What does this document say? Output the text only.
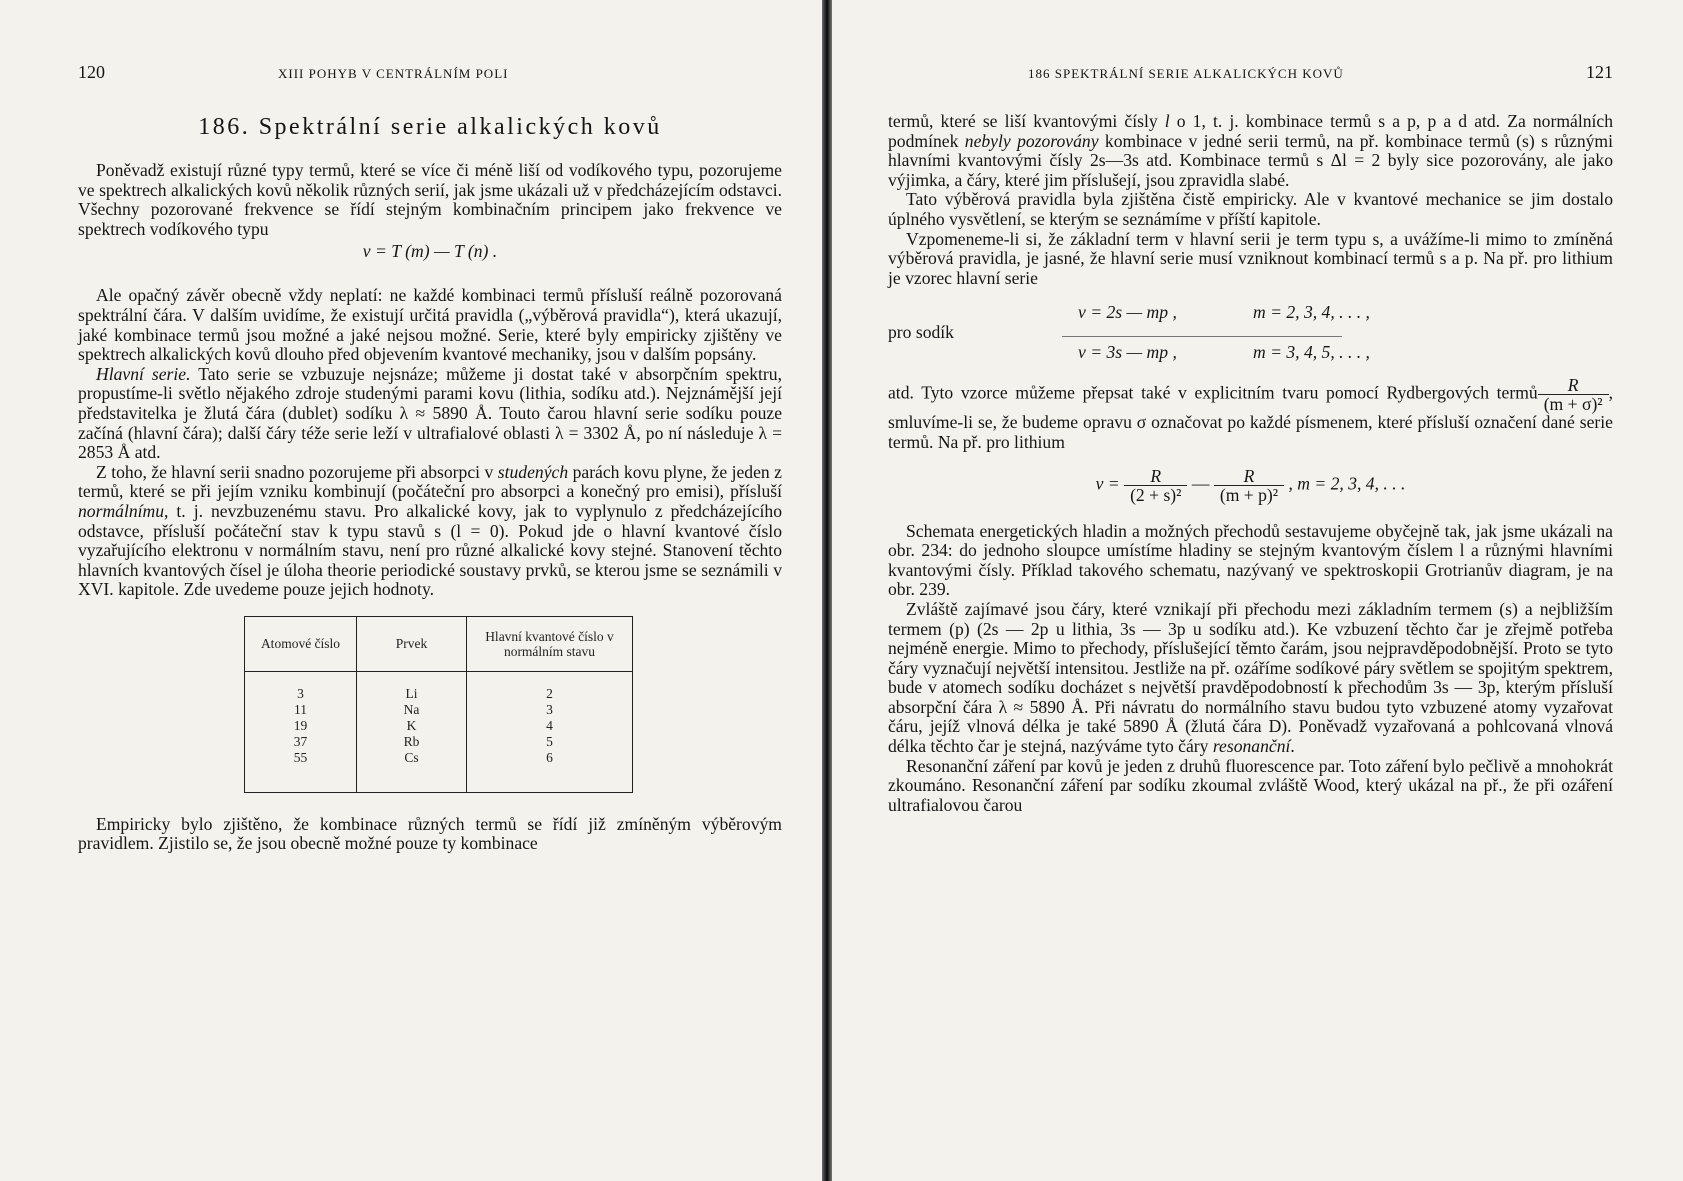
120	XIII POHYB V CENTRÁLNÍM POLI
186. Spektrální serie alkalických kovů

Poněvadž existují různé typy termů, které se více či méně liší od vodíkového typu, pozorujeme ve spektrech alkalických kovů několik různých serií, jak jsme ukázali už v předcházejícím odstavci. Všechny pozorované frekvence se řídí stejným kombinačním principem jako frekvence ve spektrech vodíkového typu

ν = T (m) — T (n) .

Ale opačný závěr obecně vždy neplatí: ne každé kombinaci termů přísluší reálně pozorovaná spektrální čára. V dalším uvidíme, že existují určitá pravidla („výběrová pravidla“), která ukazují, jaké kombinace termů jsou možné a jaké nejsou možné. Serie, které byly empiricky zjištěny ve spektrech alkalických kovů dlouho před objevením kvantové mechaniky, jsou v dalším popsány.

Hlavní serie. Tato serie se vzbuzuje nejsnáze; můžeme ji dostat také v absorpčním spektru, propustíme-li světlo nějakého zdroje studenými parami kovu (lithia, sodíku atd.). Nejznámější její představitelka je žlutá čára (dublet) sodíku λ ≈ 5890 Å. Touto čarou hlavní serie sodíku pouze začíná (hlavní čára); další čáry téže serie leží v ultrafialové oblasti λ = 3302 Å, po ní následuje λ = 2853 Å atd.

Z toho, že hlavní serii snadno pozorujeme při absorpci v studených parách kovu plyne, že jeden z termů, které se při jejím vzniku kombinují (počáteční pro absorpci a konečný pro emisi), přísluší normálnímu, t. j. nevzbuzenému stavu. Pro alkalické kovy, jak to vyplynulo z předcházejícího odstavce, přísluší počáteční stav k typu stavů s (l = 0). Pokud jde o hlavní kvantové číslo vyzařujícího elektronu v normálním stavu, není pro různé alkalické kovy stejné. Stanovení těchto hlavních kvantových čísel je úloha theorie periodické soustavy prvků, se kterou jsme se seznámili v XVI. kapitole. Zde uvedeme pouze jejich hodnoty.

Atomové číslo	Prvek	Hlavní kvantové číslo v normálním stavu
3	Li	2
11	Na	3
19	K	4
37	Rb	5
55	Cs	6

Empiricky bylo zjištěno, že kombinace různých termů se řídí již zmíněným výběrovým pravidlem. Zjistilo se, že jsou obecně možné pouze ty kombinace

186 SPEKTRÁLNÍ SERIE ALKALICKÝCH KOVŮ	121

termů, které se liší kvantovými čísly l o 1, t. j. kombinace termů s a p, p a d atd. Za normálních podmínek nebyly pozorovány kombinace v jedné serii termů, na př. kombinace termů (s) s různými hlavními kvantovými čísly 2s—3s atd. Kombinace termů s Δl = 2 byly sice pozorovány, ale jako výjimka, a čáry, které jim příslušejí, jsou zpravidla slabé.

Tato výběrová pravidla byla zjištěna čistě empiricky. Ale v kvantové mechanice se jim dostalo úplného vysvětlení, se kterým se seznámíme v příští kapitole.

Vzpomeneme-li si, že základní term v hlavní serii je term typu s, a uvážíme-li mimo to zmíněná výběrová pravidla, je jasné, že hlavní serie musí vzniknout kombinací termů s a p. Na př. pro lithium je vzorec hlavní serie

ν = 2s — mp ,	m = 2, 3, 4, . . . ,
pro sodík
ν = 3s — mp ,	m = 3, 4, 5, . . . ,

atd. Tyto vzorce můžeme přepsat také v explicitním tvaru pomocí Rydbergových termů $\frac{R}{\text{(m + σ)²}}$ , smluvíme-li se, že budeme opravu σ označovat po každé písmenem, které přísluší označení dané serie termů. Na př. pro lithium

$\nu = \frac{R}{\text{(2 + s)²}}$ — $\frac{R}{\text{(m + p)²}}$ , m = 2, 3, 4, . . .

Schemata energetických hladin a možných přechodů sestavujeme obyčejně tak, jak jsme ukázali na obr. 234: do jednoho sloupce umístíme hladiny se stejným kvantovým číslem l a různými hlavními kvantovými čísly. Příklad takového schematu, nazývaný ve spektroskopii Grotrianův diagram, je na obr. 239.

Zvláště zajímavé jsou čáry, které vznikají při přechodu mezi základním termem (s) a nejbližším termem (p) (2s — 2p u lithia, 3s — 3p u sodíku atd.). Ke vzbuzení těchto čar je zřejmě potřeba nejméně energie. Mimo to přechody, příslušející těmto čarám, jsou nejpravděpodobnější. Proto se tyto čáry vyznačují největší intensitou. Jestliže na př. ozáříme sodíkové páry světlem se spojitým spektrem, bude v atomech sodíku docházet s největší pravděpodobností k přechodům 3s — 3p, kterým přísluší absorpční čára λ ≈ 5890 Å. Při návratu do normálního stavu budou tyto vzbuzené atomy vyzařovat čáru, jejíž vlnová délka je také 5890 Å (žlutá čára D). Poněvadž vyzařovaná a pohlcovaná vlnová délka těchto čar je stejná, nazýváme tyto čáry resonanční.

Resonanční záření par kovů je jeden z druhů fluorescence par. Toto záření bylo pečlivě a mnohokrát zkoumáno. Resonanční záření par sodíku zkoumal zvláště Wood, který ukázal na př., že při ozáření ultrafialovou čarou
